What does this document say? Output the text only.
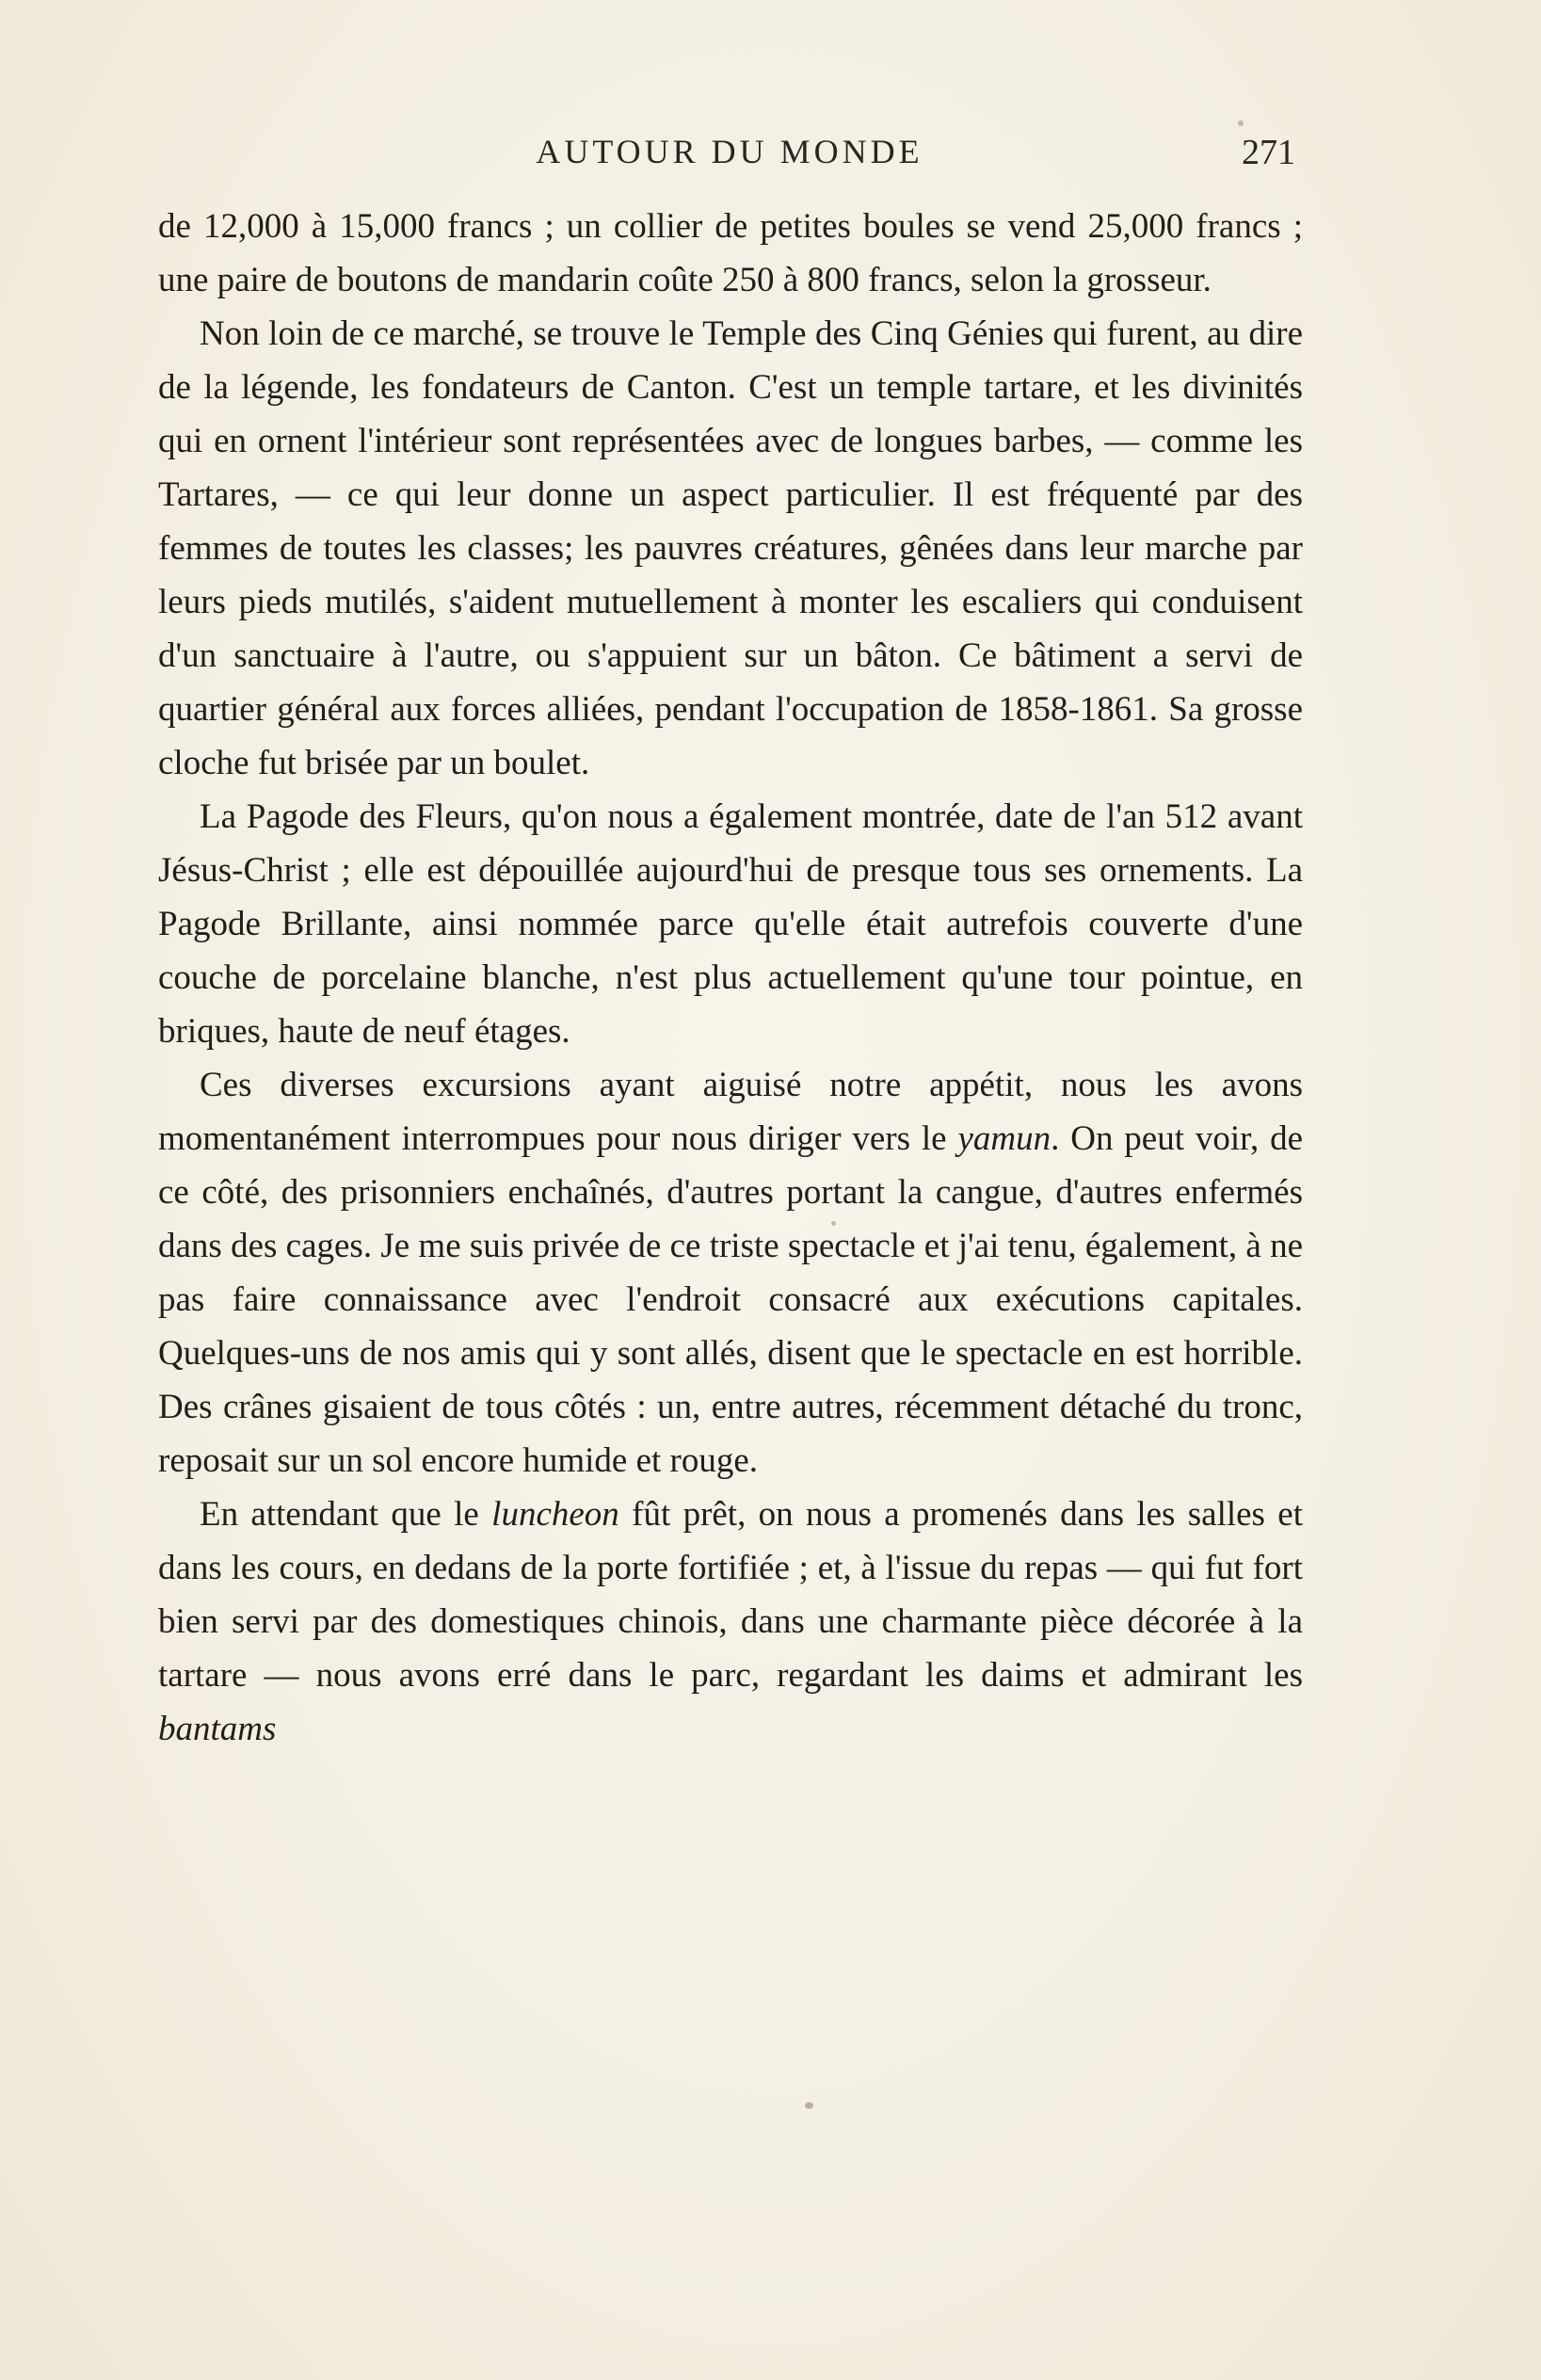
AUTOUR DU MONDE	271

de 12,000 à 15,000 francs ; un collier de petites boules se vend 25,000 francs ; une paire de boutons de mandarin coûte 250 à 800 francs, selon la grosseur.

Non loin de ce marché, se trouve le Temple des Cinq Génies qui furent, au dire de la légende, les fondateurs de Canton. C'est un temple tartare, et les divinités qui en ornent l'intérieur sont représentées avec de longues barbes, — comme les Tartares, — ce qui leur donne un aspect particulier. Il est fréquenté par des femmes de toutes les classes; les pauvres créatures, gênées dans leur marche par leurs pieds mutilés, s'aident mutuellement à monter les escaliers qui conduisent d'un sanctuaire à l'autre, ou s'appuient sur un bâton. Ce bâtiment a servi de quartier général aux forces alliées, pendant l'occupation de 1858-1861. Sa grosse cloche fut brisée par un boulet.

La Pagode des Fleurs, qu'on nous a également montrée, date de l'an 512 avant Jésus-Christ ; elle est dépouillée aujourd'hui de presque tous ses ornements. La Pagode Brillante, ainsi nommée parce qu'elle était autrefois couverte d'une couche de porcelaine blanche, n'est plus actuellement qu'une tour pointue, en briques, haute de neuf étages.

Ces diverses excursions ayant aiguisé notre appétit, nous les avons momentanément interrompues pour nous diriger vers le yamun. On peut voir, de ce côté, des prisonniers enchaînés, d'autres portant la cangue, d'autres enfermés dans des cages. Je me suis privée de ce triste spectacle et j'ai tenu, également, à ne pas faire connaissance avec l'endroit consacré aux exécutions capitales. Quelques-uns de nos amis qui y sont allés, disent que le spectacle en est horrible. Des crânes gisaient de tous côtés : un, entre autres, récemment détaché du tronc, reposait sur un sol encore humide et rouge.

En attendant que le luncheon fût prêt, on nous a promenés dans les salles et dans les cours, en dedans de la porte fortifiée ; et, à l'issue du repas — qui fut fort bien servi par des domestiques chinois, dans une charmante pièce décorée à la tartare — nous avons erré dans le parc, regardant les daims et admirant les bantams
